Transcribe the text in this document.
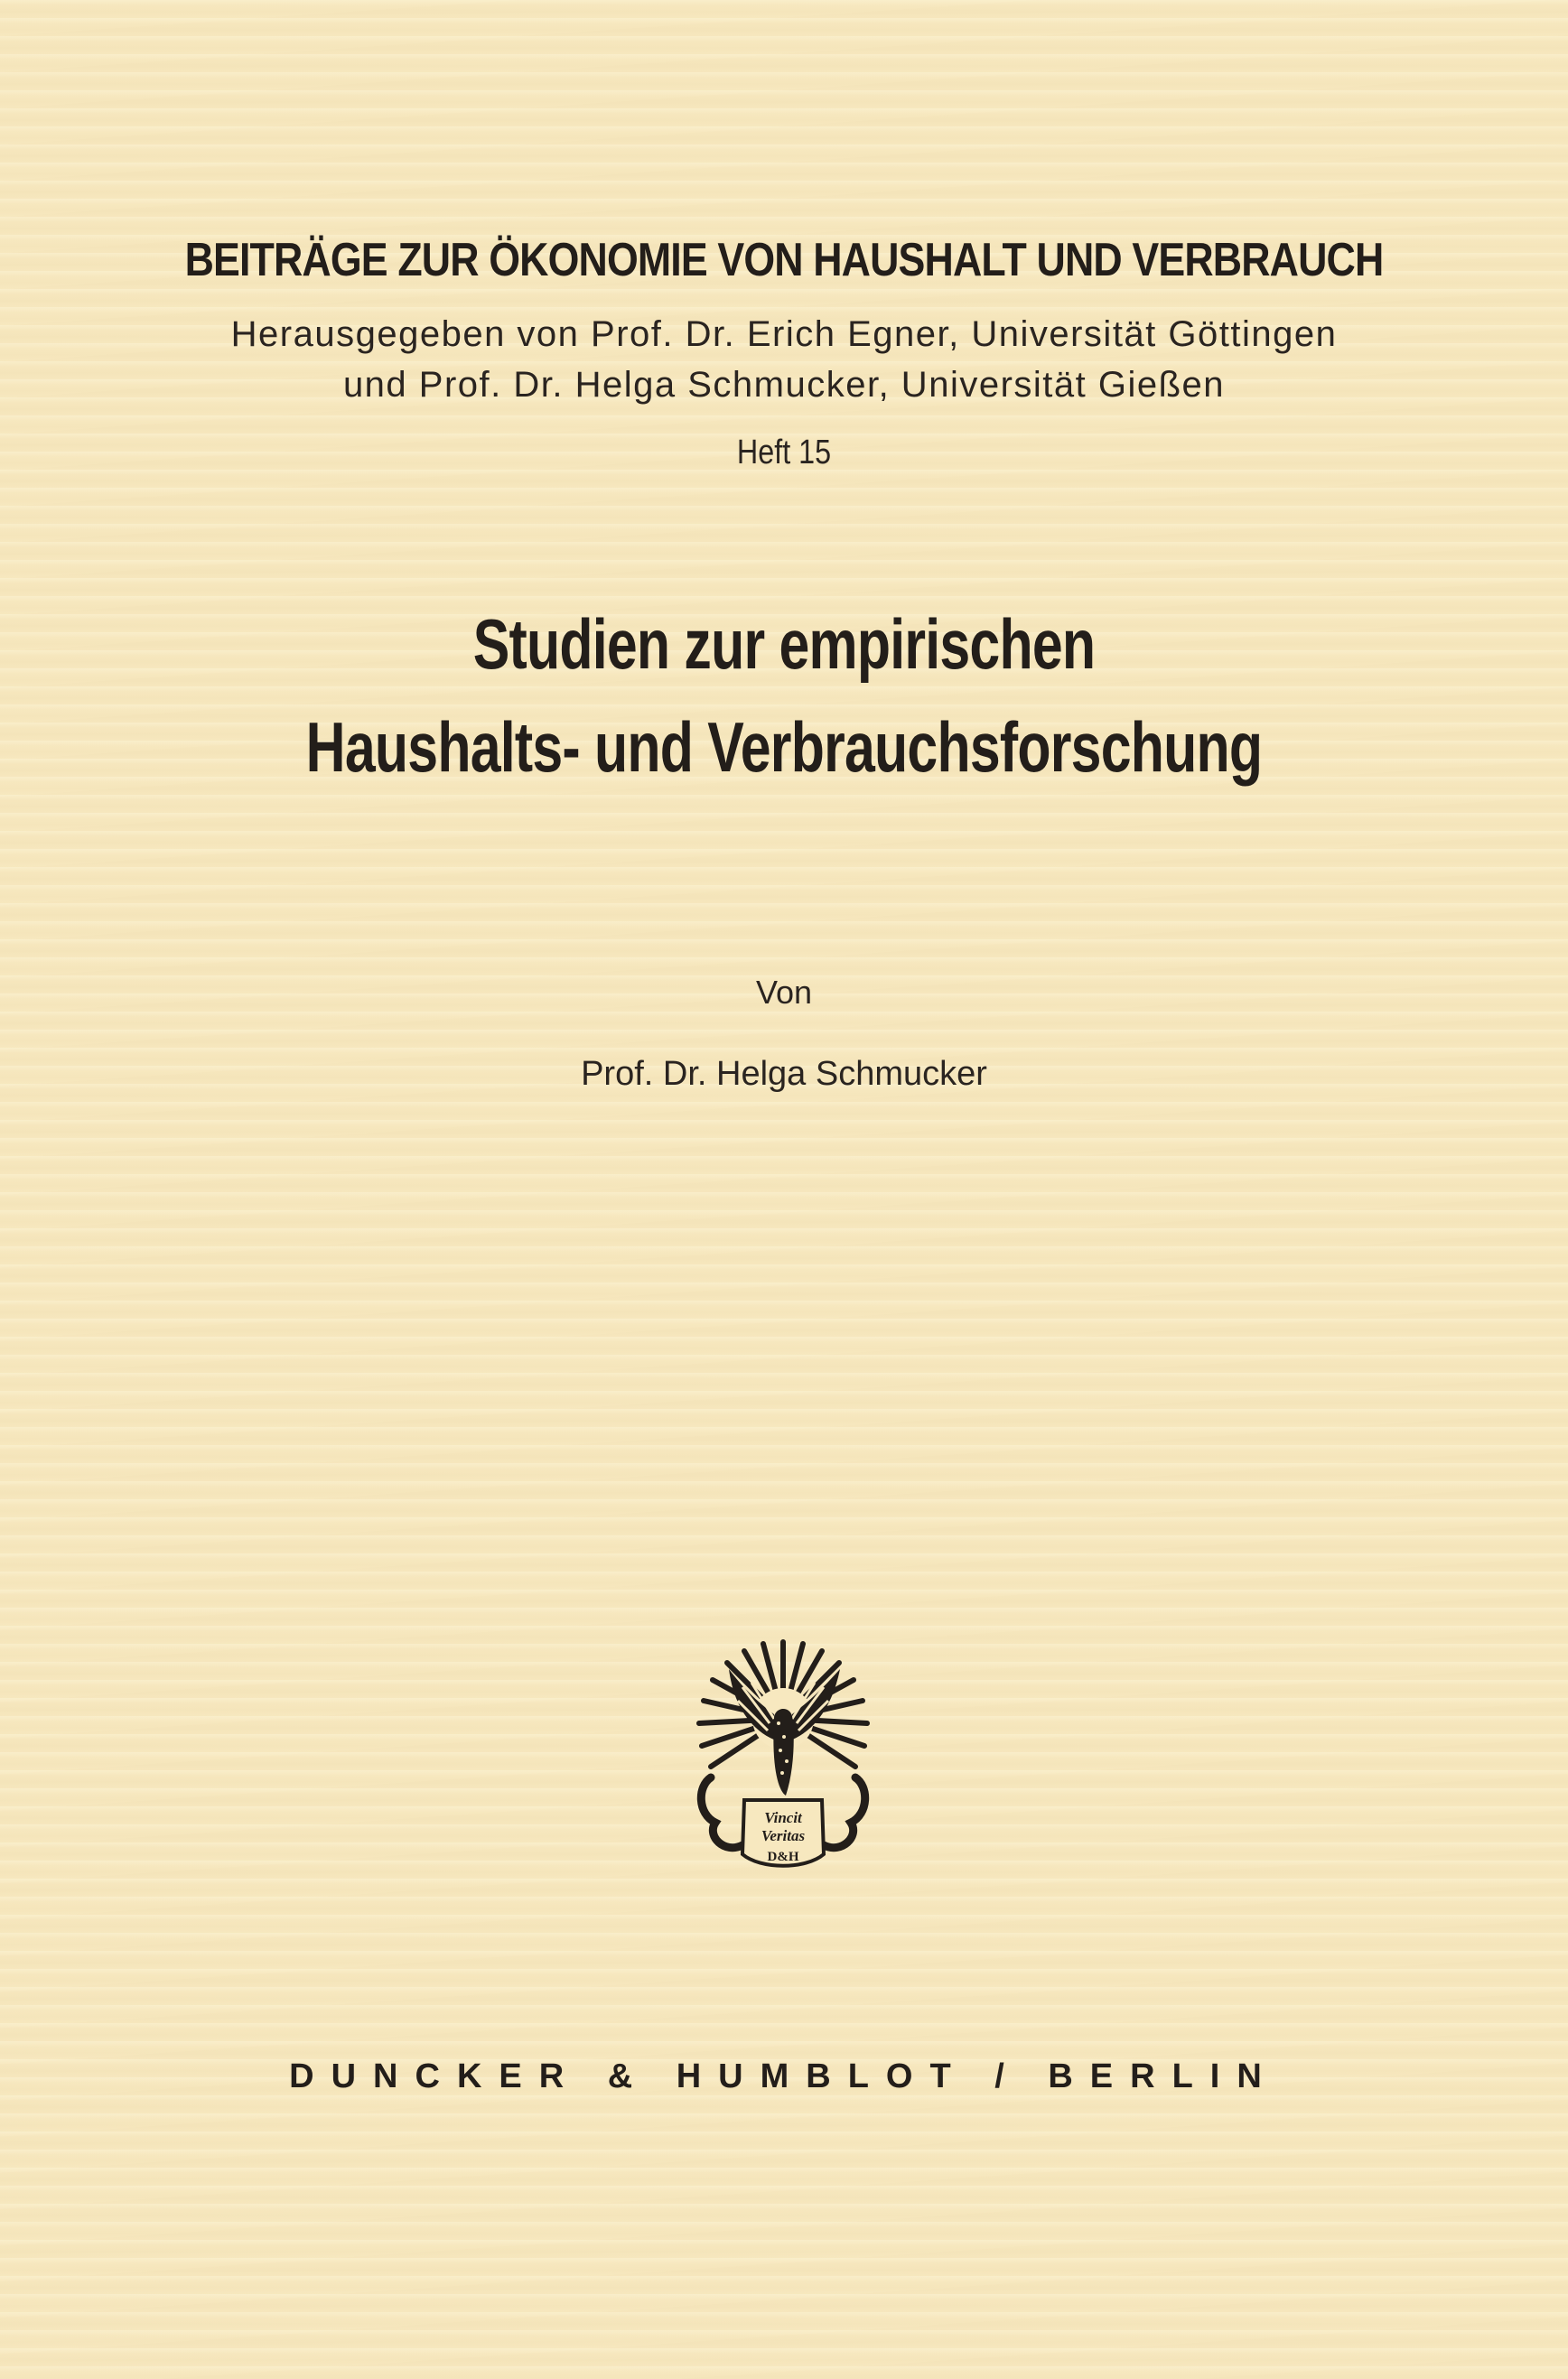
BEITRÄGE ZUR ÖKONOMIE VON HAUSHALT UND VERBRAUCH
Herausgegeben von Prof. Dr. Erich Egner, Universität Göttingen
und Prof. Dr. Helga Schmucker, Universität Gießen
Heft 15
Studien zur empirischen
Haushalts- und Verbrauchsforschung
Von
Prof. Dr. Helga Schmucker
Vincit
Veritas
D&H
DUNCKER & HUMBLOT / BERLIN
